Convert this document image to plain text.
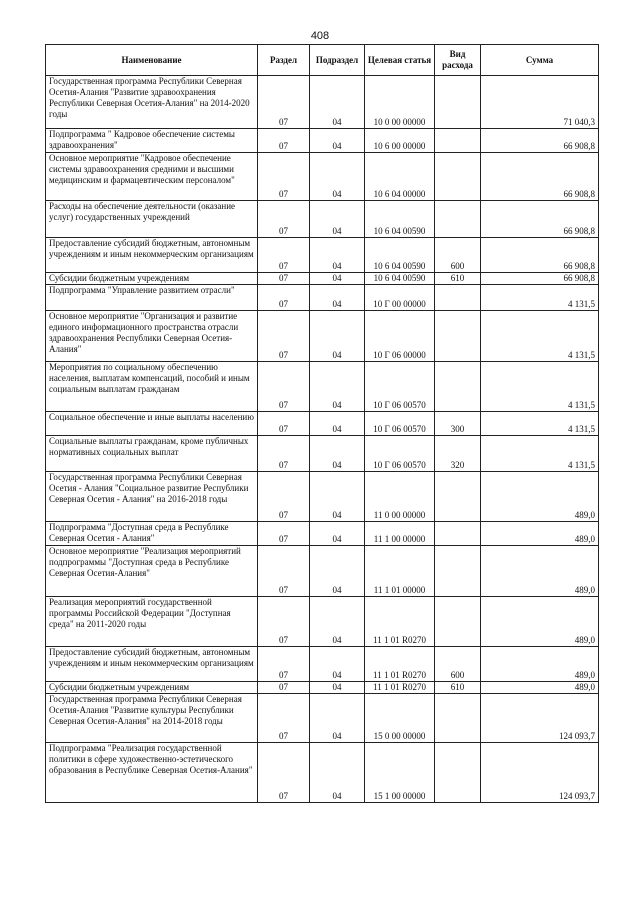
408
Наименование	Раздел	Подраздел	Целевая статья	Вид расхода	Сумма
Государственная программа Республики Северная Осетия-Алания "Развитие здравоохранения Республики Северная Осетия-Алания" на 2014-2020 годы	07	04	10 0 00 00000		71 040,3
Подпрограмма " Кадровое обеспечение системы здравоохранения"	07	04	10 6 00 00000		66 908,8
Основное мероприятие "Кадровое обеспечение системы здравоохранения средними и высшими медицинским и фармацевтическим персоналом"	07	04	10 6 04 00000		66 908,8
Расходы на обеспечение деятельности (оказание услуг) государственных учреждений	07	04	10 6 04 00590		66 908,8
Предоставление субсидий бюджетным, автономным учреждениям и иным некоммерческим организациям	07	04	10 6 04 00590	600	66 908,8
Субсидии бюджетным учреждениям	07	04	10 6 04 00590	610	66 908,8
Подпрограмма "Управление развитием отрасли"	07	04	10 Г 00 00000		4 131,5
Основное мероприятие "Организация и развитие единого информационного пространства отрасли здравоохранения Республики Северная Осетия-Алания"	07	04	10 Г 06 00000		4 131,5
Мероприятия по социальному обеспечению населения, выплатам компенсаций, пособий и иным социальным выплатам гражданам	07	04	10 Г 06 00570		4 131,5
Социальное обеспечение и иные выплаты населению	07	04	10 Г 06 00570	300	4 131,5
Социальные выплаты гражданам, кроме публичных нормативных социальных выплат	07	04	10 Г 06 00570	320	4 131,5
Государственная программа Республики Северная Осетия - Алания "Социальное развитие Республики Северная Осетия - Алания" на 2016-2018 годы	07	04	11 0 00 00000		489,0
Подпрограмма "Доступная среда в Республике Северная Осетия - Алания"	07	04	11 1 00 00000		489,0
Основное мероприятие "Реализация мероприятий подпрограммы "Доступная среда в Республике Северная Осетия-Алания"	07	04	11 1 01 00000		489,0
Реализация мероприятий государственной программы Российской Федерации "Доступная среда" на 2011-2020 годы	07	04	11 1 01 R0270		489,0
Предоставление субсидий бюджетным, автономным учреждениям и иным некоммерческим организациям	07	04	11 1 01 R0270	600	489,0
Субсидии бюджетным учреждениям	07	04	11 1 01 R0270	610	489,0
Государственная программа Республики Северная Осетия-Алания "Развитие культуры Республики Северная Осетия-Алания" на 2014-2018 годы	07	04	15 0 00 00000		124 093,7
Подпрограмма "Реализация государственной политики в сфере художественно-эстетического образования в Республике Северная Осетия-Алания"	07	04	15 1 00 00000		124 093,7
